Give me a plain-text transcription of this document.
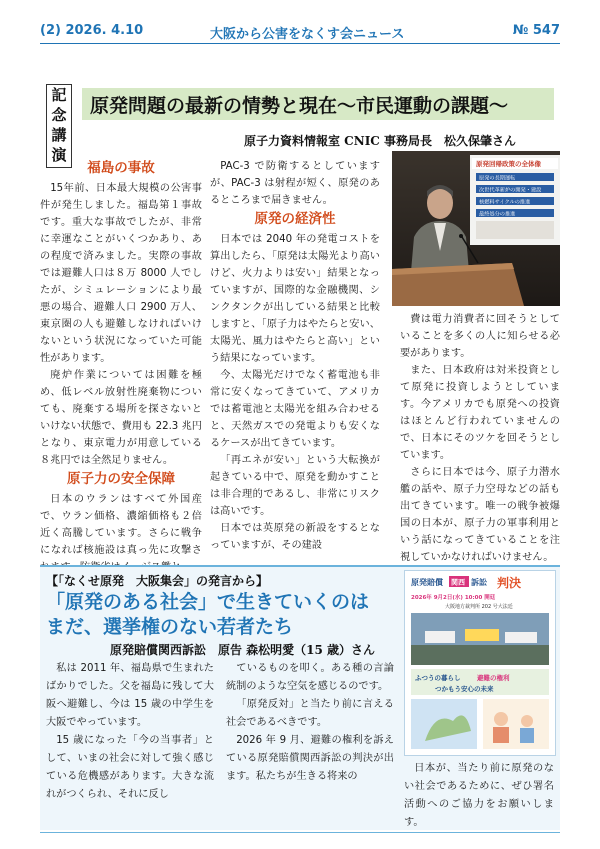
(2) 2026. 4.10	大阪から公害をなくす会ニュース	№ 547
記
念
講
演
原発問題の最新の情勢と現在〜市民運動の課題〜
原子力資料情報室 CNIC 事務局長　松久保肇さん
福島の事故

15年前、日本最大規模の公害事件が発生しました。福島第１事故です。重大な事故でしたが、非常に幸運なことがいくつかあり、あの程度で済みました。実際の事故では避難人口は８万 8000 人でしたが、シミュレーションにより最悪の場合、避難人口 2900 万人、東京圏の人も避難しなければいけないという状況になっていた可能性があります。

廃炉作業については困難を極め、低レベル放射性廃棄物についても、廃棄する場所を探さないといけない状態で、費用も 22.3 兆円となり、東京電力が用意している８兆円では全然足りません。

原子力の安全保障

日本のウランはすべて外国産で、ウラン価格、濃縮価格も２倍近く高騰しています。さらに戦争になれば核施設は真っ先に攻撃さ

PAC-3 で防衛するとしていますが、PAC-3 は射程が短く、原発のあるところまで届きません。

原発の経済性

日本では 2040 年の発電コストを算出したら、「原発は太陽光より高いけど、火力よりは安い」結果となっていますが、国際的な金融機関、シンクタンクが出している結果と比較しますと、「原子力はやたらと安い、太陽光、風力はやたらと高い」という結果になっています。

今、太陽光だけでなく蓄電池も非常に安くなってきていて、アメリカでは蓄電池と太陽光を組み合わせると、天然ガスでの発電よりも安くなるケースが出てきています。

「再エネが安い」という大転換が起きている中で、原発を動かすことは非合理的であるし、非常にリスクは高いです。

日本では英原発の新設をするとなっていますが、その建設

原発回帰政策の全体像
原発の長期運転
次世代革新炉の開発・建設
核燃料サイクルの推進
最終処分の推進

費は電力消費者に回そうとしていることを多くの人に知らせる必要があります。

また、日本政府は対米投資として原発に投資しようとしています。今アメリカでも原発への投資はほとんど行われていませんので、日本にそのツケを回そうとしています。

さらに日本では今、原子力潜水艦の話や、原子力空母などの話も出てきています。唯一の戦争被爆国の日本が、原子力の軍事利用という話になってきていることを注視していかなければいけません。

【「なくせ原発　大阪集会」の発言から】
「原発のある社会」で生きていくのは
まだ、選挙権のない若者たち
原発賠償関西訴訟　原告 森松明愛（15 歳）さん

私は 2011 年、福島県で生まれたばかりでした。父を福島に残して大阪へ避難し、今は 15 歳の中学生を大阪でやっています。

15 歳になった「今の当事者」として、いまの社会に対して強く感じている危機感があります。大きな流れがつくられ、それに反し

ているものを叩く。ある種の言論統制のような空気を感じるのです。

「原発反対」と当たり前に言える社会であるべきです。

2026 年 9 月、避難の権利を訴えている原発賠償関西訴訟の判決が出ます。私たちが生きる将来の

原発賠償 関西 訴訟 判決
2026年 9月2日(水) 10:00 開廷
大阪地方裁判所 202 号大法廷
ふつうの暮らし	避難の権利
つかもう安心の未来

日本が、当たり前に原発のない社会であるために、ぜひ署名活動へのご協力をお願いします。
